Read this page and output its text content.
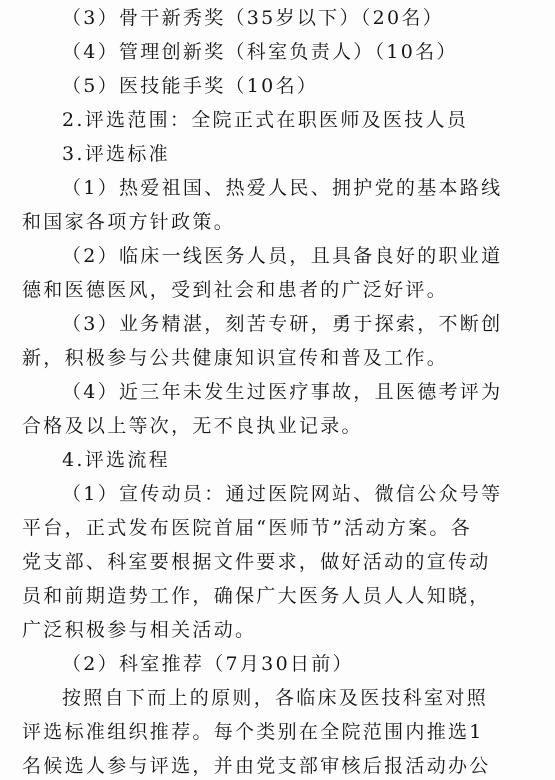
（3）骨干新秀奖（35岁以下）（20名）
（4）管理创新奖（科室负责人）（10名）
（5）医技能手奖（10名）
2.评选范围：全院正式在职医师及医技人员
3.评选标准
（1）热爱祖国、热爱人民、拥护党的基本路线
和国家各项方针政策。
（2）临床一线医务人员，且具备良好的职业道
德和医德医风，受到社会和患者的广泛好评。
（3）业务精湛，刻苦专研，勇于探索，不断创
新，积极参与公共健康知识宣传和普及工作。
（4）近三年未发生过医疗事故，且医德考评为
合格及以上等次，无不良执业记录。
4.评选流程
（1）宣传动员：通过医院网站、微信公众号等
平台，正式发布医院首届“医师节”活动方案。各
党支部、科室要根据文件要求，做好活动的宣传动
员和前期造势工作，确保广大医务人员人人知晓，
广泛积极参与相关活动。
（2）科室推荐（7月30日前）
按照自下而上的原则，各临床及医技科室对照
评选标准组织推荐。每个类别在全院范围内推选1
名候选人参与评选，并由党支部审核后报活动办公
